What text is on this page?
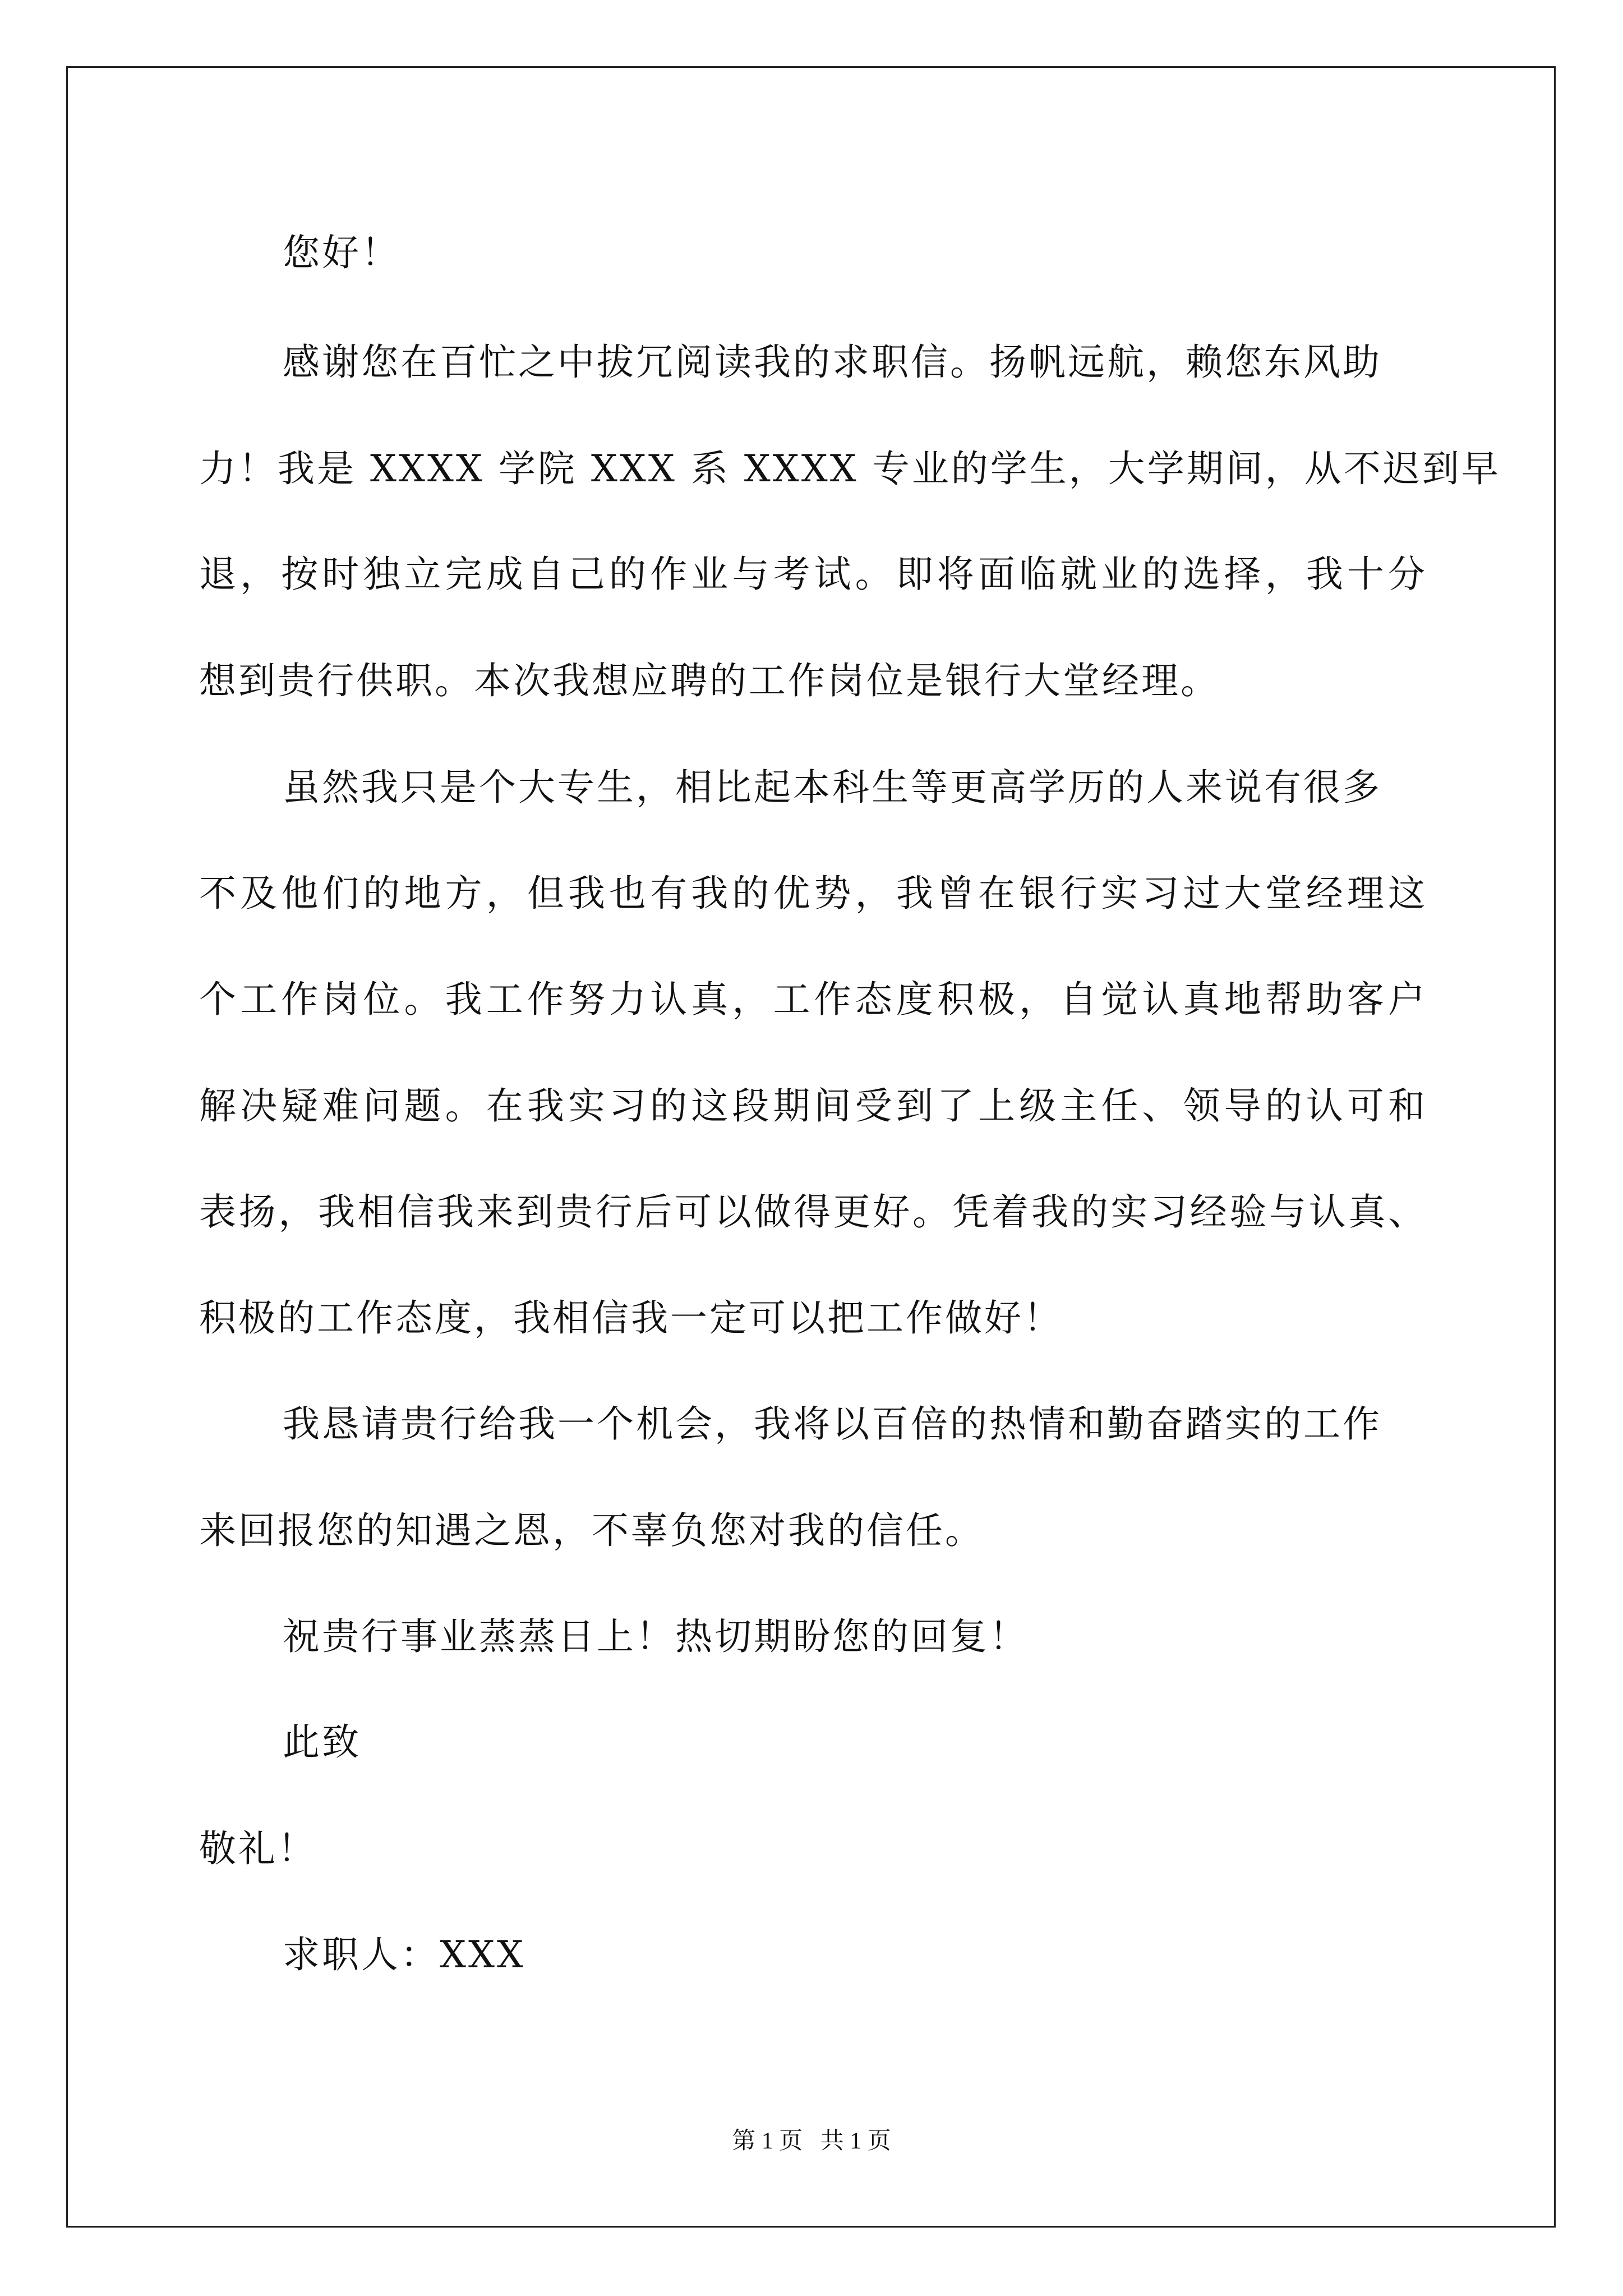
您好！

感谢您在百忙之中拔冗阅读我的求职信。扬帆远航，赖您东风助

力！我是 XXXX 学院 XXX 系 XXXX 专业的学生，大学期间，从不迟到早

退，按时独立完成自己的作业与考试。即将面临就业的选择，我十分

想到贵行供职。本次我想应聘的工作岗位是银行大堂经理。

虽然我只是个大专生，相比起本科生等更高学历的人来说有很多

不及他们的地方，但我也有我的优势，我曾在银行实习过大堂经理这

个工作岗位。我工作努力认真，工作态度积极，自觉认真地帮助客户

解决疑难问题。在我实习的这段期间受到了上级主任、领导的认可和

表扬，我相信我来到贵行后可以做得更好。凭着我的实习经验与认真、

积极的工作态度，我相信我一定可以把工作做好！

我恳请贵行给我一个机会，我将以百倍的热情和勤奋踏实的工作

来回报您的知遇之恩，不辜负您对我的信任。

祝贵行事业蒸蒸日上！热切期盼您的回复！

此致

敬礼！

求职人：XXX

第 1 页   共 1 页
